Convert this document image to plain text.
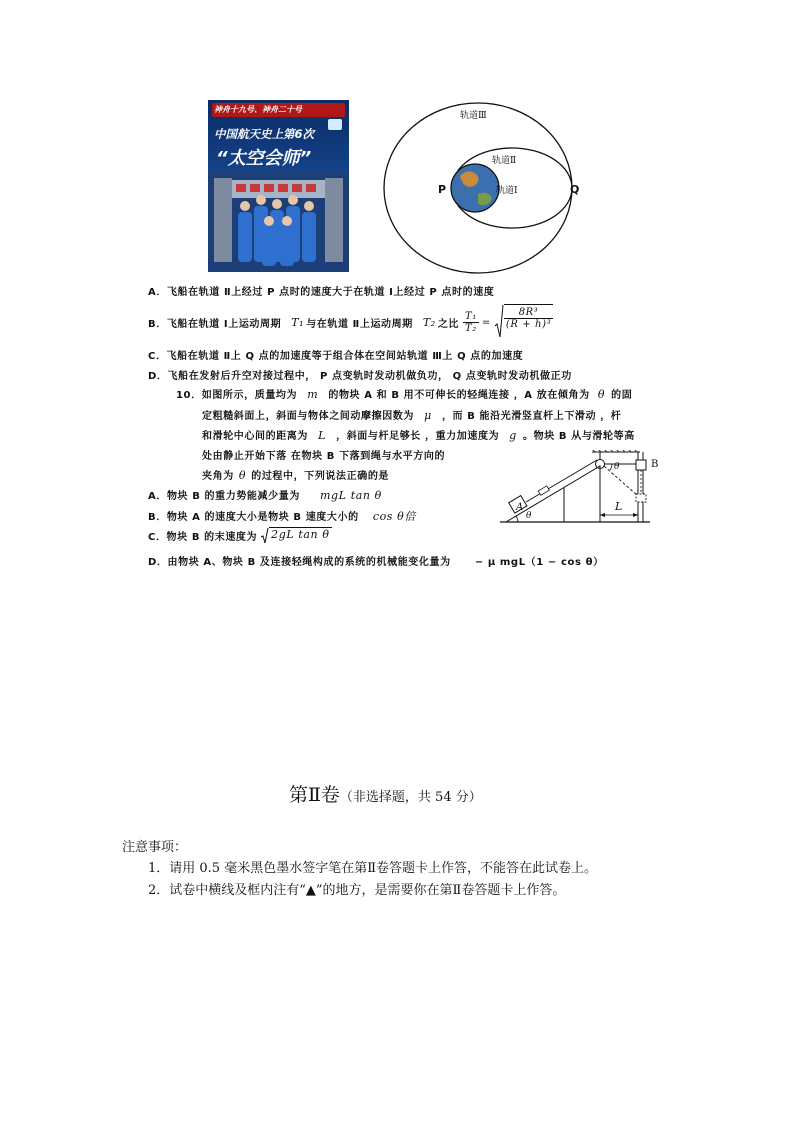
神舟十九号、神舟二十号
中国航天史上第6次
“太空会师”
轨道Ⅲ
轨道Ⅱ
轨道Ⅰ
P	Q
A．飞船在轨道 Ⅱ上经过 P 点时的速度大于在轨道 Ⅰ上经过 P 点时的速度
B．飞船在轨道 Ⅰ上运动周期 T₁ 与在轨道 Ⅱ上运动周期 T₂ 之比 $\frac{\text{T₁}}{\text{T₂}} = \frac{\text{8R³}}{\text{(R + h)³}}$
C．飞船在轨道 Ⅱ上 Q 点的加速度等于组合体在空间站轨道 Ⅲ上 Q 点的加速度
D．飞船在发射后升空对接过程中， P 点变轨时发动机做负功， Q 点变轨时发动机做正功
10．如图所示，质量均为 m 的物块 A 和 B 用不可伸长的轻绳连接 ，A 放在倾角为 θ 的固
定粗糙斜面上，斜面与物体之间动摩擦因数为 μ ，而 B 能沿光滑竖直杆上下滑动 ，杆
和滑轮中心间的距离为 L ，斜面与杆足够长 ，重力加速度为 g 。物块 B 从与滑轮等高
处由静止开始下落 在物块 B 下落到绳与水平方向的
夹角为 θ 的过程中，下列说法正确的是
A．物块 B 的重力势能减少量为 mgL tan θ
B．物块 A 的速度大小是物块 B 速度大小的 cos θ倍
C．物块 B 的末速度为 2gL tan θ
D．由物块 A、物块 B 及连接轻绳构成的系统的机械能变化量为 − μ mgL（1 − cos θ）
A
B
θ
θ
L
第Ⅱ卷（非选择题，共 54 分）
注意事项：
1．请用 0.5 毫米黑色墨水签字笔在第Ⅱ卷答题卡上作答，不能答在此试卷上。
2．试卷中横线及框内注有“▲”的地方，是需要你在第Ⅱ卷答题卡上作答。
